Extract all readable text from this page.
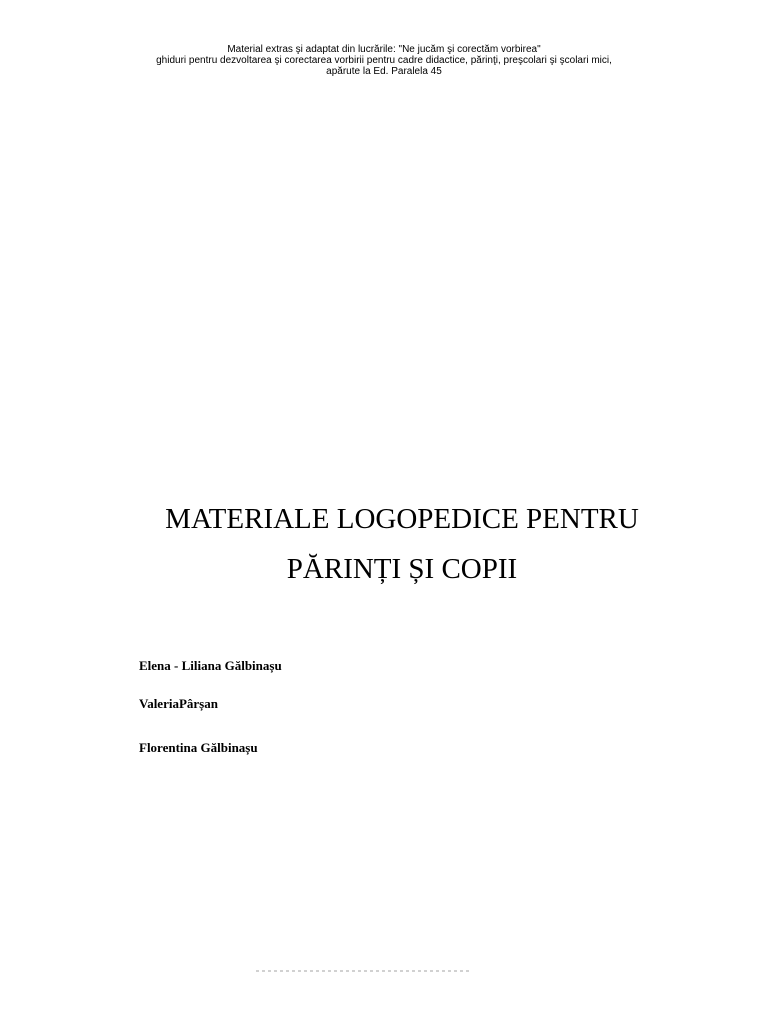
Material extras şi adaptat din lucrările: "Ne jucăm şi corectăm vorbirea"
ghiduri pentru dezvoltarea şi corectarea vorbirii pentru cadre didactice, părinţi, preşcolari şi şcolari mici,
apărute la Ed. Paralela 45
MATERIALE LOGOPEDICE PENTRU
PĂRINȚI ȘI COPII
Elena - Liliana Gălbinașu
ValeriaPârșan
Florentina Gălbinașu
